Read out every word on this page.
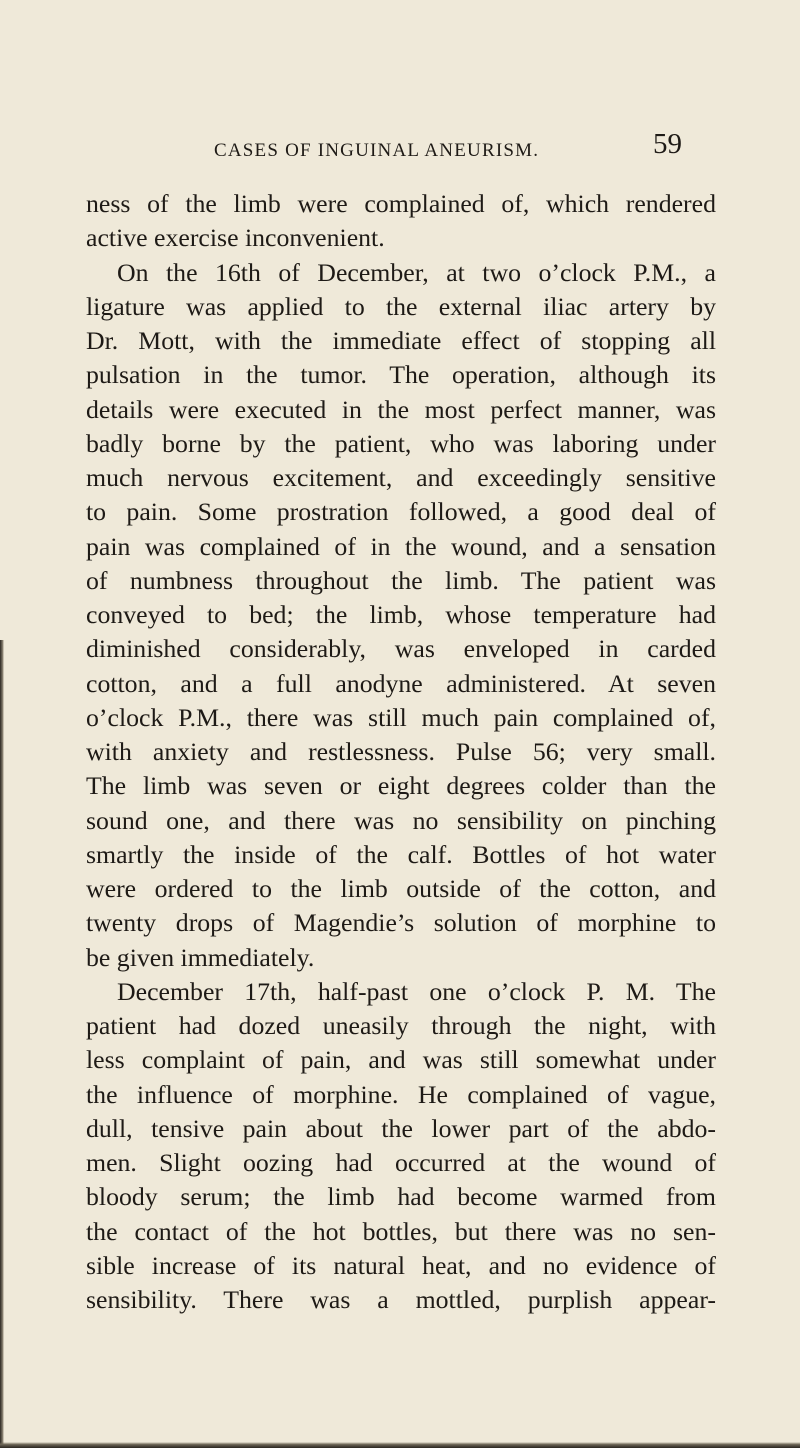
CASES OF INGUINAL ANEURISM.	59
ness of the limb were complained of, which rendered
active exercise inconvenient.
On the 16th of December, at two o’clock P.M., a
ligature was applied to the external iliac artery by
Dr. Mott, with the immediate effect of stopping all
pulsation in the tumor. The operation, although its
details were executed in the most perfect manner, was
badly borne by the patient, who was laboring under
much nervous excitement, and exceedingly sensitive
to pain. Some prostration followed, a good deal of
pain was complained of in the wound, and a sensation
of numbness throughout the limb. The patient was
conveyed to bed; the limb, whose temperature had
diminished considerably, was enveloped in carded
cotton, and a full anodyne administered. At seven
o’clock P.M., there was still much pain complained of,
with anxiety and restlessness. Pulse 56; very small.
The limb was seven or eight degrees colder than the
sound one, and there was no sensibility on pinching
smartly the inside of the calf. Bottles of hot water
were ordered to the limb outside of the cotton, and
twenty drops of Magendie’s solution of morphine to
be given immediately.
December 17th, half-past one o’clock P. M. The
patient had dozed uneasily through the night, with
less complaint of pain, and was still somewhat under
the influence of morphine. He complained of vague,
dull, tensive pain about the lower part of the abdo-
men. Slight oozing had occurred at the wound of
bloody serum; the limb had become warmed from
the contact of the hot bottles, but there was no sen-
sible increase of its natural heat, and no evidence of
sensibility. There was a mottled, purplish appear-
